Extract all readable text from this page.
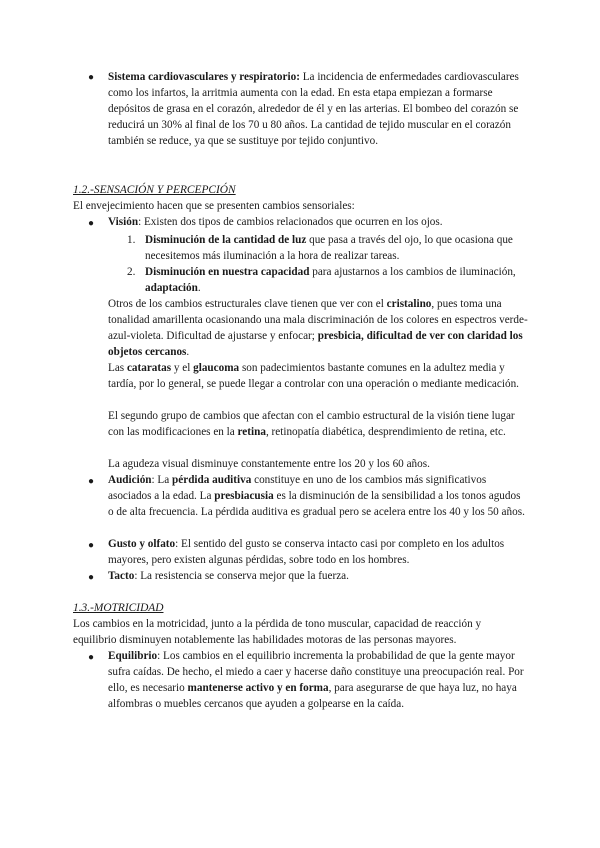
● Sistema cardiovasculares y respiratorio: La incidencia de enfermedades cardiovasculares como los infartos, la arritmia aumenta con la edad. En esta etapa empiezan a formarse depósitos de grasa en el corazón, alrededor de él y en las arterias. El bombeo del corazón se reducirá un 30% al final de los 70 u 80 años. La cantidad de tejido muscular en el corazón también se reduce, ya que se sustituye por tejido conjuntivo.
1.2.-SENSACIÓN Y PERCEPCIÓN
El envejecimiento hacen que se presenten cambios sensoriales:
● Visión: Existen dos tipos de cambios relacionados que ocurren en los ojos.
1. Disminución de la cantidad de luz que pasa a través del ojo, lo que ocasiona que necesitemos más iluminación a la hora de realizar tareas.
2. Disminución en nuestra capacidad para ajustarnos a los cambios de iluminación, adaptación.
Otros de los cambios estructurales clave tienen que ver con el cristalino, pues toma una tonalidad amarillenta ocasionando una mala discriminación de los colores en espectros verde-azul-violeta. Dificultad de ajustarse y enfocar; presbicia, dificultad de ver con claridad los objetos cercanos.
Las cataratas y el glaucoma son padecimientos bastante comunes en la adultez media y tardía, por lo general, se puede llegar a controlar con una operación o mediante medicación.
El segundo grupo de cambios que afectan con el cambio estructural de la visión tiene lugar con las modificaciones en la retina, retinopatía diabética, desprendimiento de retina, etc.
La agudeza visual disminuye constantemente entre los 20 y los 60 años.
● Audición: La pérdida auditiva constituye en uno de los cambios más significativos asociados a la edad. La presbiacusia es la disminución de la sensibilidad a los tonos agudos o de alta frecuencia. La pérdida auditiva es gradual pero se acelera entre los 40 y los 50 años.
● Gusto y olfato: El sentido del gusto se conserva intacto casi por completo en los adultos mayores, pero existen algunas pérdidas, sobre todo en los hombres.
● Tacto: La resistencia se conserva mejor que la fuerza.
1.3.-MOTRICIDAD
Los cambios en la motricidad, junto a la pérdida de tono muscular, capacidad de reacción y equilibrio disminuyen notablemente las habilidades motoras de las personas mayores.
● Equilibrio: Los cambios en el equilibrio incrementa la probabilidad de que la gente mayor sufra caídas. De hecho, el miedo a caer y hacerse daño constituye una preocupación real. Por ello, es necesario mantenerse activo y en forma, para asegurarse de que haya luz, no haya alfombras o muebles cercanos que ayuden a golpearse en la caída.
